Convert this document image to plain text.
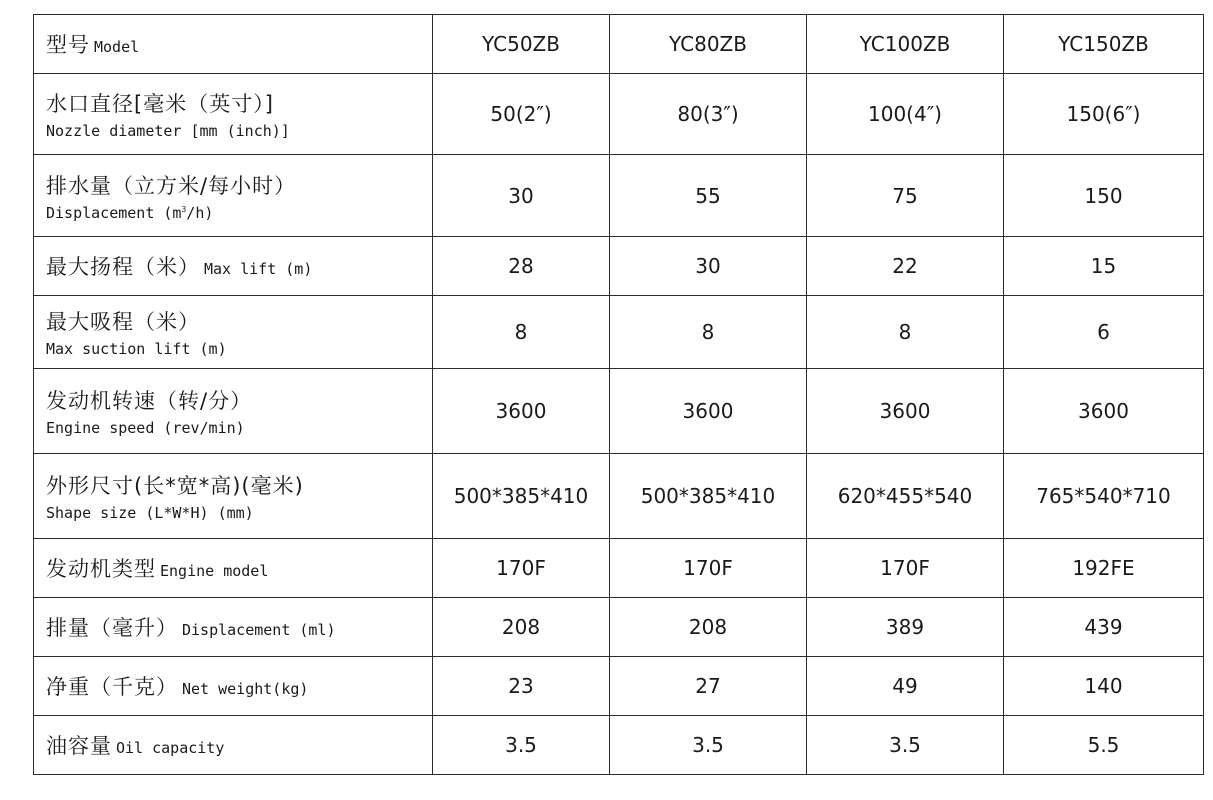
型号 Model	YC50ZB	YC80ZB	YC100ZB	YC150ZB
水口直径[毫米（英寸）]
Nozzle diameter [mm (inch)]	50(2″)	80(3″)	100(4″)	150(6″)
排水量（立方米/每小时）
Displacement $(m^3/h)$	30	55	75	150
最大扬程（米） Max lift (m)	28	30	22	15
最大吸程（米）
Max suction lift (m)	8	8	8	6
发动机转速（转/分）
Engine speed (rev/min)	3600	3600	3600	3600
外形尺寸(长*宽*高)(毫米)
Shape size (L*W*H) (mm)	500*385*410	500*385*410	620*455*540	765*540*710
发动机类型 Engine model	170F	170F	170F	192FE
排量（毫升） Displacement (ml)	208	208	389	439
净重（千克） Net weight(kg)	23	27	49	140
油容量 Oil capacity	3.5	3.5	3.5	5.5
